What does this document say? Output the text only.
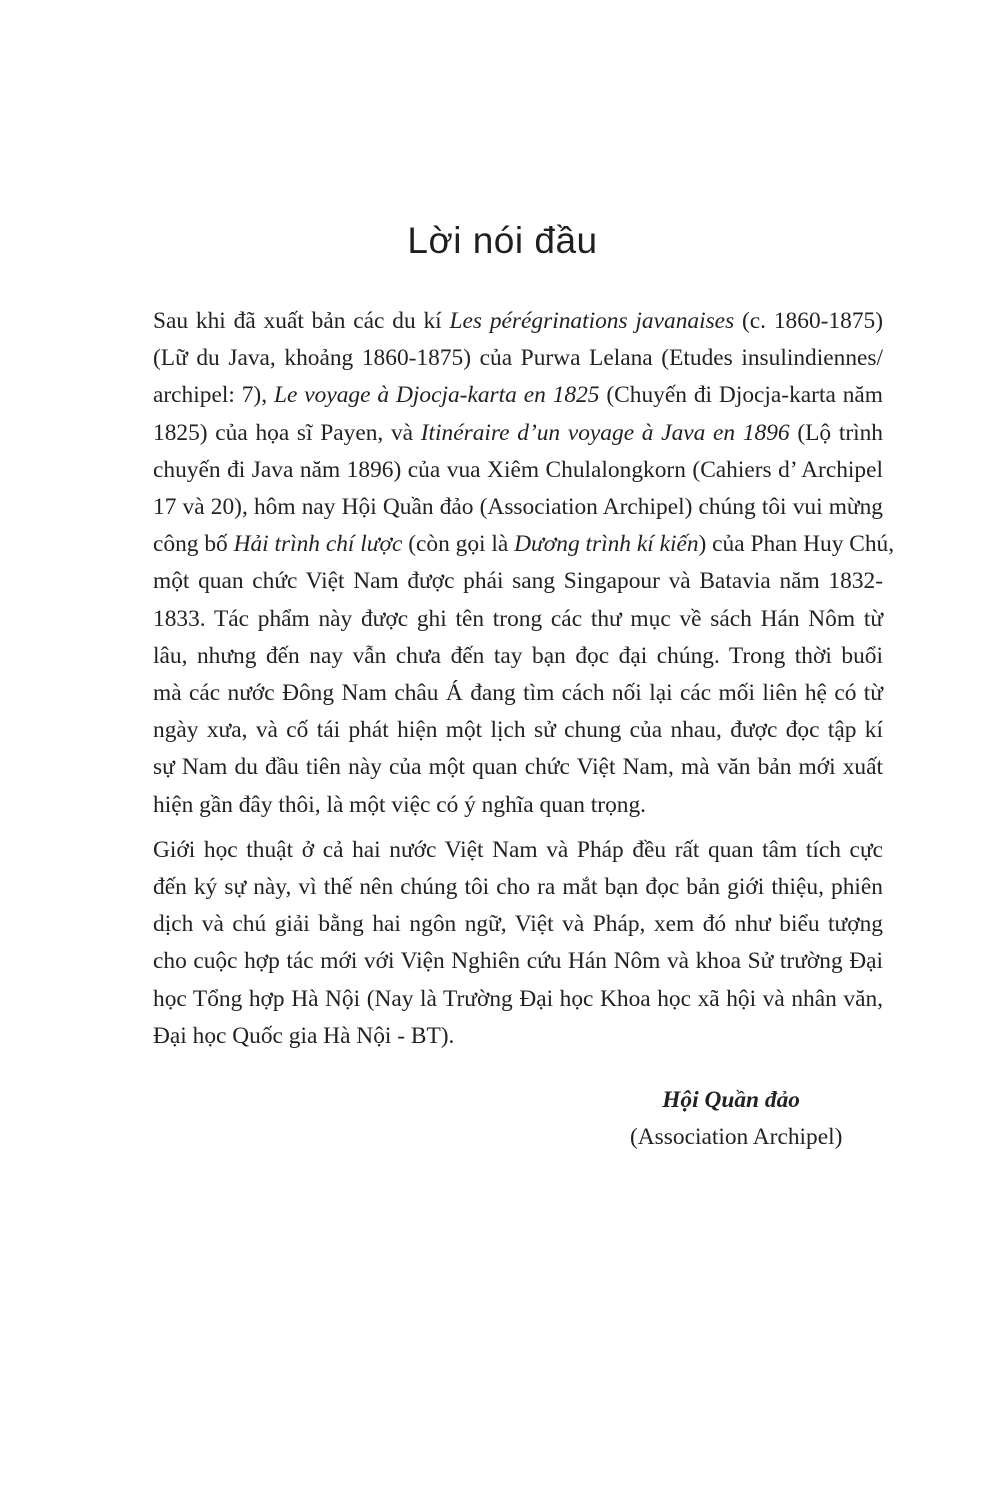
Lời nói đầu

Sau khi đã xuất bản các du kí Les pérégrinations javanaises (c. 1860-1875)
(Lữ du Java, khoảng 1860-1875) của Purwa Lelana (Etudes insulindiennes/
archipel: 7), Le voyage à Djocja-karta en 1825 (Chuyến đi Djocja-karta năm
1825) của họa sĩ Payen, và Itinéraire d’un voyage à Java en 1896 (Lộ trình
chuyến đi Java năm 1896) của vua Xiêm Chulalongkorn (Cahiers d’ Archipel
17 và 20), hôm nay Hội Quần đảo (Association Archipel) chúng tôi vui mừng
công bố Hải trình chí lược (còn gọi là Dương trình kí kiến) của Phan Huy Chú,
một quan chức Việt Nam được phái sang Singapour và Batavia năm 1832-
1833. Tác phẩm này được ghi tên trong các thư mục về sách Hán Nôm từ
lâu, nhưng đến nay vẫn chưa đến tay bạn đọc đại chúng. Trong thời buổi
mà các nước Đông Nam châu Á đang tìm cách nối lại các mối liên hệ có từ
ngày xưa, và cố tái phát hiện một lịch sử chung của nhau, được đọc tập kí
sự Nam du đầu tiên này của một quan chức Việt Nam, mà văn bản mới xuất
hiện gần đây thôi, là một việc có ý nghĩa quan trọng.

Giới học thuật ở cả hai nước Việt Nam và Pháp đều rất quan tâm tích cực
đến ký sự này, vì thế nên chúng tôi cho ra mắt bạn đọc bản giới thiệu, phiên
dịch và chú giải bằng hai ngôn ngữ, Việt và Pháp, xem đó như biểu tượng
cho cuộc hợp tác mới với Viện Nghiên cứu Hán Nôm và khoa Sử trường Đại
học Tổng hợp Hà Nội (Nay là Trường Đại học Khoa học xã hội và nhân văn,
Đại học Quốc gia Hà Nội - BT).

Hội Quần đảo
(Association Archipel)
